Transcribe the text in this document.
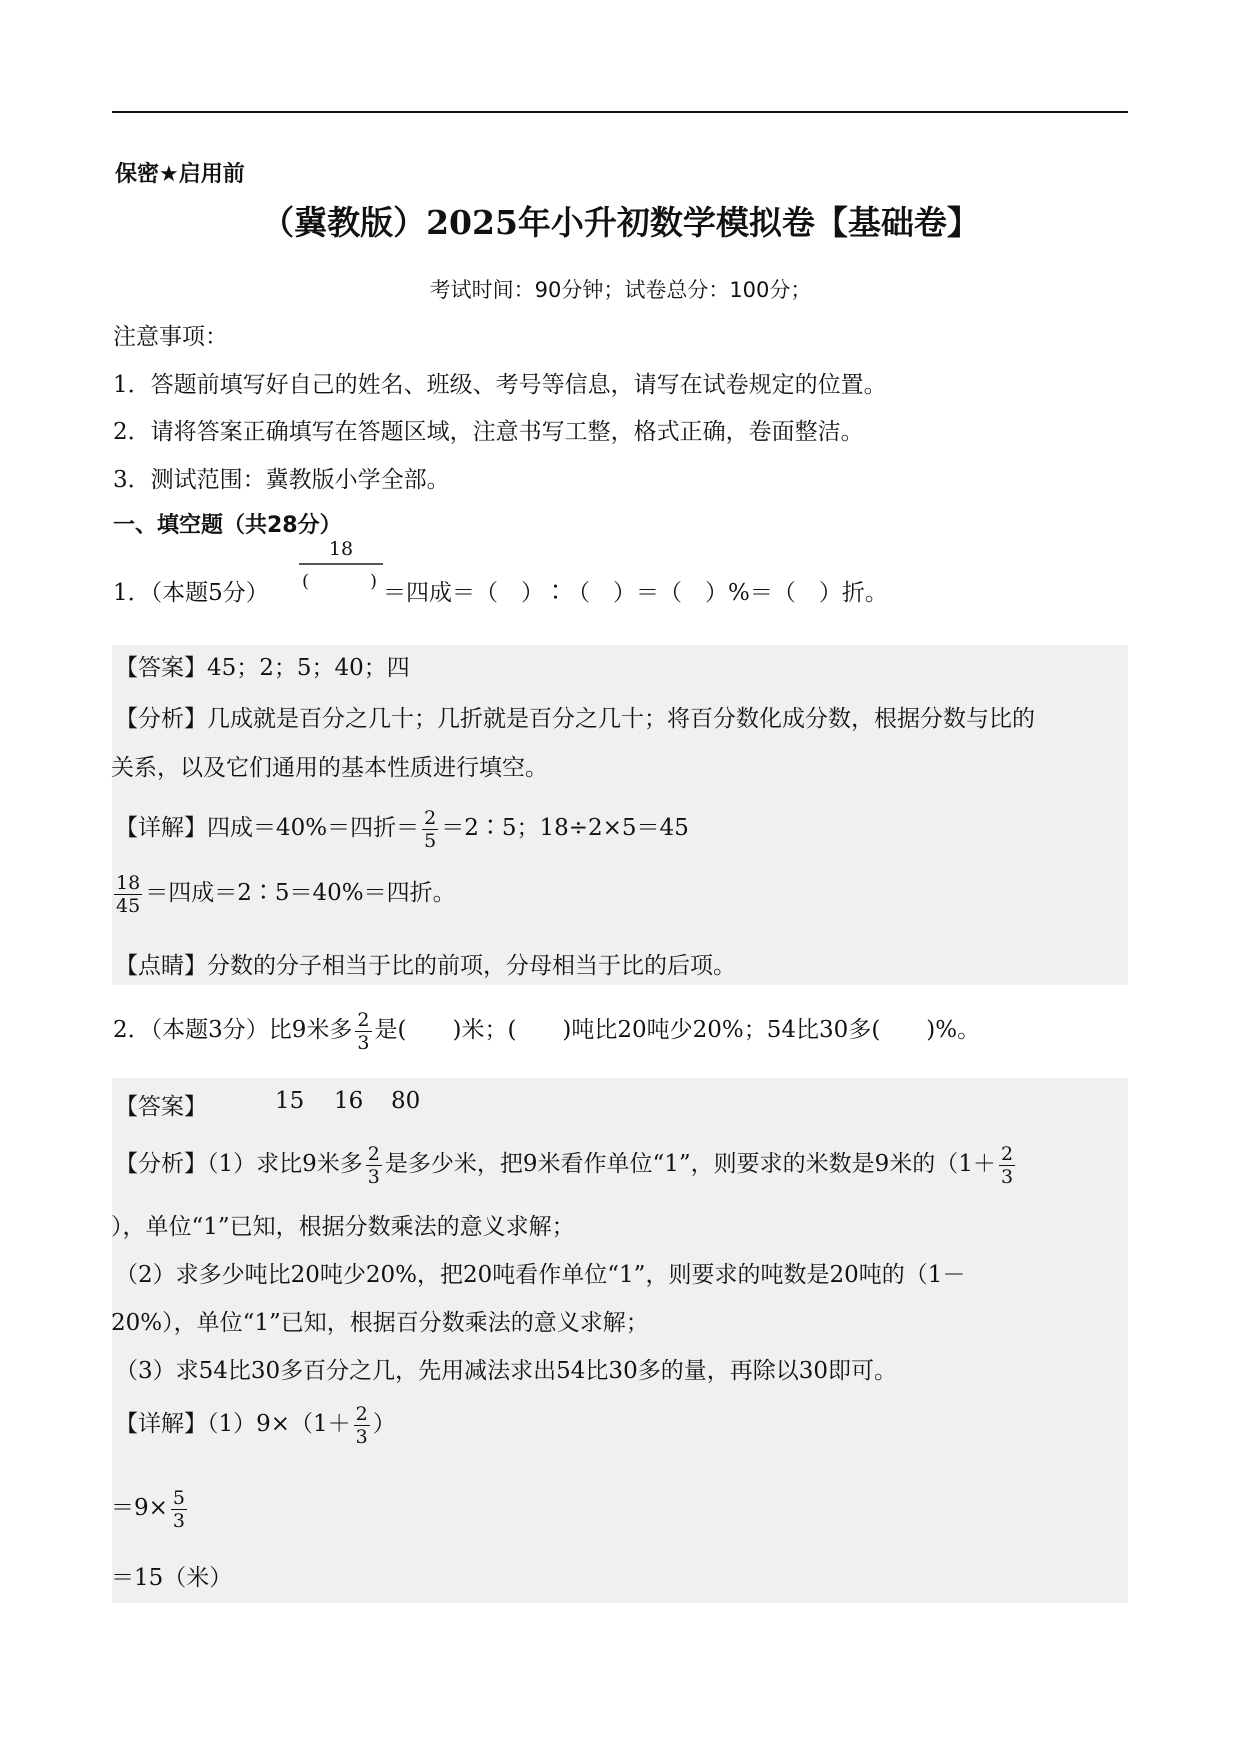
保密★启用前
（冀教版）2025年小升初数学模拟卷【基础卷】
考试时间：90分钟；试卷总分：100分；
注意事项：
1．答题前填写好自己的姓名、班级、考号等信息，请写在试卷规定的位置。
2．请将答案正确填写在答题区域，注意书写工整，格式正确，卷面整洁。
3．测试范围：冀教版小学全部。
一、填空题（共28分）
1．（本题5分）
18
(	) ＝四成＝（　）∶（　）＝（　）%＝（　）折。
【答案】45；2；5；40；四
【分析】几成就是百分之几十；几折就是百分之几十；将百分数化成分数，根据分数与比的
关系，以及它们通用的基本性质进行填空。
【详解】四成＝40%＝四折＝ $\frac{2}{5}$ ＝2∶5；18÷2×5＝45
$\frac{18}{45}$ ＝四成＝2∶5＝40%＝四折。
【点睛】分数的分子相当于比的前项，分母相当于比的后项。
2．（本题3分）比9米多 $\frac{2}{3}$ 是(　　)米；(　　)吨比20吨少20%；54比30多(　　)%。
【答案】	15 16 80
【分析】（1）求比9米多 $\frac{2}{3}$ 是多少米，把9米看作单位“1”，则要求的米数是9米的（$1+ \frac{2}{3}$
），单位“1”已知，根据分数乘法的意义求解；
（2）求多少吨比20吨少20%，把20吨看作单位“1”，则要求的吨数是20吨的（1－
20%），单位“1”已知，根据百分数乘法的意义求解；
（3）求54比30多百分之几，先用减法求出54比30多的量，再除以30即可。
【详解】$(1)9\times(1+ \frac{2}{3}$ ）
$=9\times \frac{5}{3}$
＝15（米）
